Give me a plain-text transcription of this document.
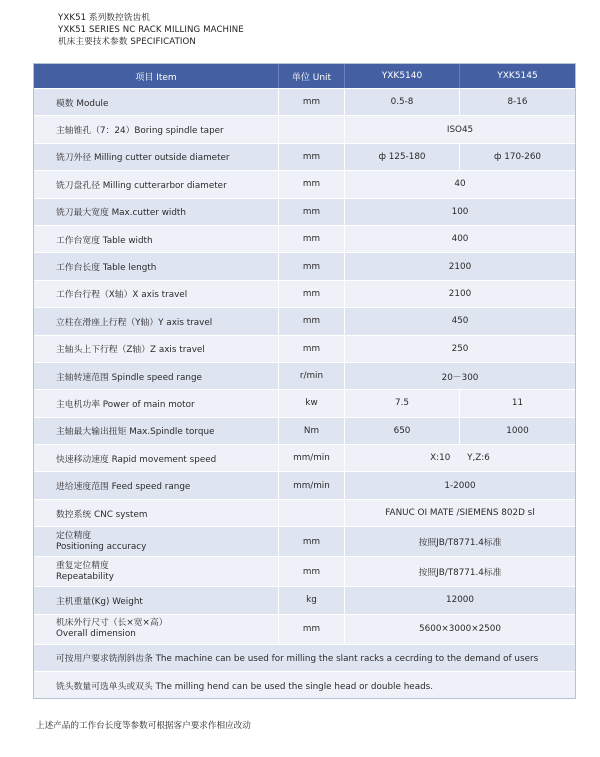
YXK51 系列数控铣齿机
YXK51 SERIES NC RACK MILLING MACHINE
机床主要技术参数 SPECIFICATION
项目 Item	单位 Unit	YXK5140	YXK5145
模数 Module	mm	0.5-8	8-16
主轴锥孔（7：24）Boring spindle taper	ISO45
铣刀外径 Milling cutter outside diameter	mm	ф 125-180	ф 170-260
铣刀盘孔径 Milling cutterarbor diameter	mm	40
铣刀最大宽度 Max.cutter width	mm	100
工作台宽度 Table width	mm	400
工作台长度 Table length	mm	2100
工作台行程（X轴）X axis travel	mm	2100
立柱在滑座上行程（Y轴）Y axis travel	mm	450
主轴头上下行程（Z轴）Z axis travel	mm	250
主轴转速范围 Spindle speed range	r/min	20－300
主电机功率 Power of main motor	kw	7.5	11
主轴最大输出扭矩 Max.Spindle torque	Nm	650	1000
快速移动速度 Rapid movement speed	mm/min	X:10      Y,Z:6
进给速度范围 Feed speed range	mm/min	1-2000
数控系统 CNC system	FANUC OI MATE /SIEMENS 802D sl
定位精度
Positioning accuracy	mm	按照JB/T8771.4标准
重复定位精度
Repeatability	mm	按照JB/T8771.4标准
主机重量(Kg) Weight	kg	12000
机床外行尺寸（长×宽×高）
Overall dimension	mm	5600×3000×2500
可按用户要求铣削斜齿条 The machine can be used for milling the slant racks a cecrding to the demand of users
铣头数量可选单头或双头 The milling hend can be used the single head or double heads.
上述产品的工作台长度等参数可根据客户要求作相应改动
